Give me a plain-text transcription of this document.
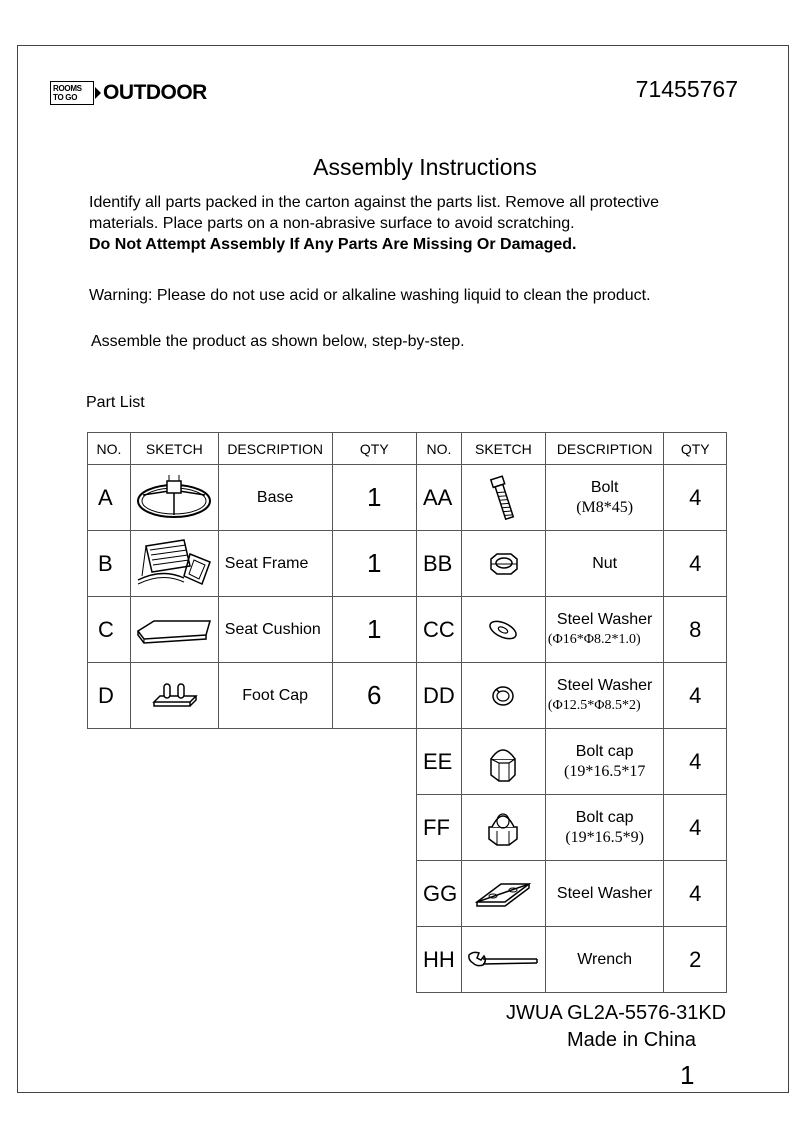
ROOMS
TO GO OUTDOOR	71455767
Assembly Instructions
Identify all parts packed in the carton against the parts list. Remove all protective
materials. Place parts on a non-abrasive surface to avoid scratching.
Do Not Attempt Assembly If Any Parts Are Missing Or Damaged.
Warning: Please do not use acid or alkaline washing liquid to clean the product.
Assemble the product as shown below, step-by-step.
Part List
NO.	SKETCH	DESCRIPTION	QTY
A		Base	1
B		Seat Frame	1
C		Seat Cushion	1
D		Foot Cap	6
NO.	SKETCH	DESCRIPTION	QTY
AA		Bolt
(M8*45)	4
BB		Nut	4
CC		Steel Washer
(Φ16*Φ8.2*1.0)	8
DD		Steel Washer
(Φ12.5*Φ8.5*2)	4
EE		Bolt cap
(19*16.5*17	4
FF		Bolt cap
(19*16.5*9)	4
GG		Steel Washer	4
HH		Wrench	2
JWUA GL2A-5576-31KD
Made in China
1
